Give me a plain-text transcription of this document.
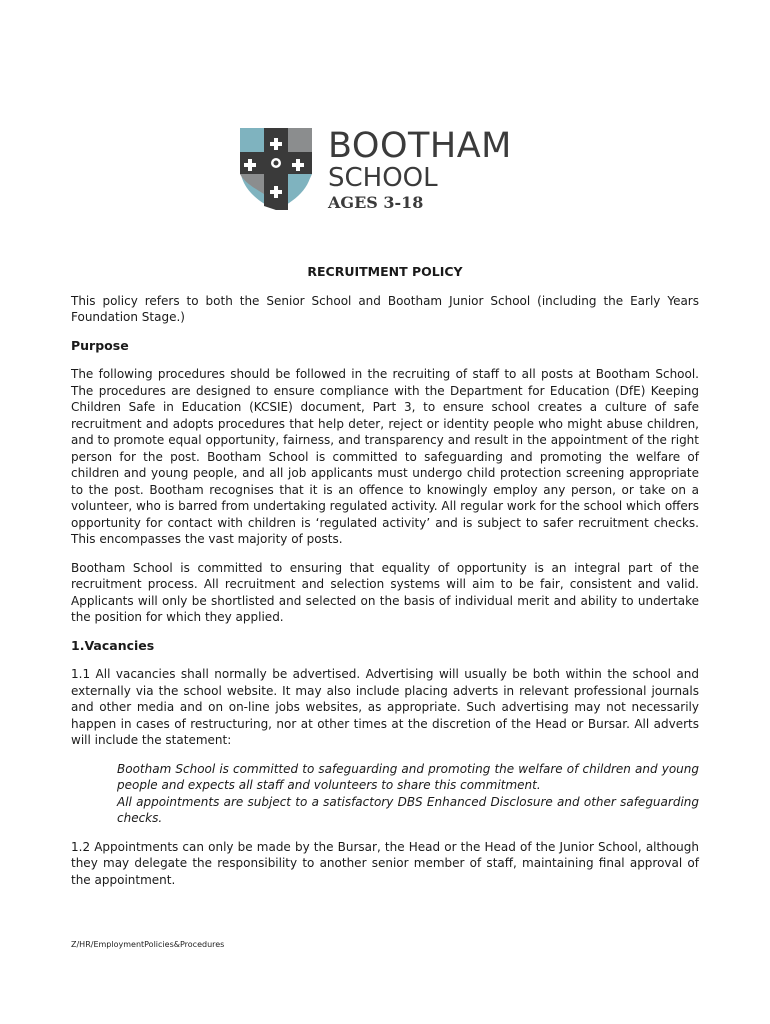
BOOTHAM
SCHOOL
AGES 3-18
RECRUITMENT POLICY

This policy refers to both the Senior School and Bootham Junior School (including the Early Years Foundation Stage.)

Purpose

The following procedures should be followed in the recruiting of staff to all posts at Bootham School. The procedures are designed to ensure compliance with the Department for Education (DfE) Keeping Children Safe in Education (KCSIE) document, Part 3, to ensure school creates a culture of safe recruitment and adopts procedures that help deter, reject or identity people who might abuse children, and to promote equal opportunity, fairness, and transparency and result in the appointment of the right person for the post. Bootham School is committed to safeguarding and promoting the welfare of children and young people, and all job applicants must undergo child protection screening appropriate to the post. Bootham recognises that it is an offence to knowingly employ any person, or take on a volunteer, who is barred from undertaking regulated activity. All regular work for the school which offers opportunity for contact with children is ‘regulated activity’ and is subject to safer recruitment checks. This encompasses the vast majority of posts.

Bootham School is committed to ensuring that equality of opportunity is an integral part of the recruitment process. All recruitment and selection systems will aim to be fair, consistent and valid. Applicants will only be shortlisted and selected on the basis of individual merit and ability to undertake the position for which they applied.

1.Vacancies

1.1 All vacancies shall normally be advertised. Advertising will usually be both within the school and externally via the school website. It may also include placing adverts in relevant professional journals and other media and on on-line jobs websites, as appropriate. Such advertising may not necessarily happen in cases of restructuring, nor at other times at the discretion of the Head or Bursar. All adverts will include the statement:

Bootham School is committed to safeguarding and promoting the welfare of children and young people and expects all staff and volunteers to share this commitment.
All appointments are subject to a satisfactory DBS Enhanced Disclosure and other safeguarding checks.

1.2 Appointments can only be made by the Bursar, the Head or the Head of the Junior School, although they may delegate the responsibility to another senior member of staff, maintaining final approval of the appointment.

Z/HR/EmploymentPolicies&Procedures
